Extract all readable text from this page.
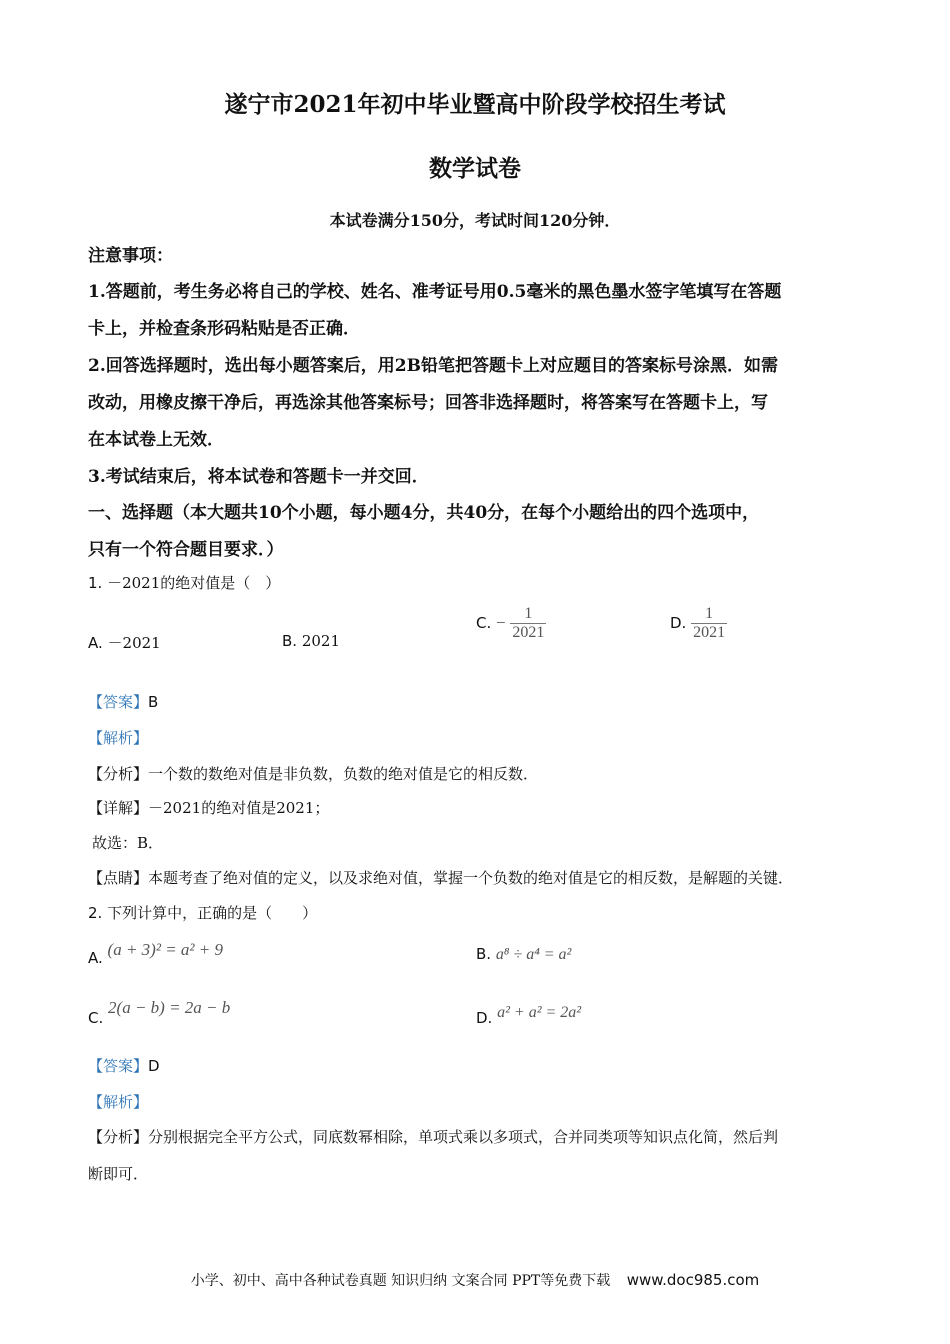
遂宁市2021年初中毕业暨高中阶段学校招生考试
数学试卷
本试卷满分150分，考试时间120分钟．
注意事项：
1.答题前，考生务必将自己的学校、姓名、准考证号用0.5毫米的黑色墨水签字笔填写在答题
卡上，并检查条形码粘贴是否正确．
2.回答选择题时，选出每小题答案后，用2B铅笔把答题卡上对应题目的答案标号涂黑．如需
改动，用橡皮擦干净后，再选涂其他答案标号；回答非选择题时，将答案写在答题卡上，写
在本试卷上无效．
3.考试结束后，将本试卷和答题卡一并交回．
一、选择题（本大题共10个小题，每小题4分，共40分，在每个小题给出的四个选项中，
只有一个符合题目要求．）
1. －2021的绝对值是（　）
A. －2021	B. 2021
C. − $\frac{1}{2021}$	D. $\frac{1}{2021}$
【答案】B
【解析】
【分析】一个数的数绝对值是非负数，负数的绝对值是它的相反数．
【详解】－2021的绝对值是2021；
故选：B．
【点睛】本题考查了绝对值的定义，以及求绝对值，掌握一个负数的绝对值是它的相反数，是解题的关键．
2. 下列计算中，正确的是（　　）
A. (a + 3)² = a² + 9	B. a⁸ ÷ a⁴ = a²
C. 2(a − b) = 2a − b
D. a² + a² = 2a²
【答案】D
【解析】
【分析】分别根据完全平方公式，同底数幂相除，单项式乘以多项式，合并同类项等知识点化简，然后判
断即可．
小学、初中、高中各种试卷真题 知识归纳 文案合同 PPT等免费下载 www.doc985.com
